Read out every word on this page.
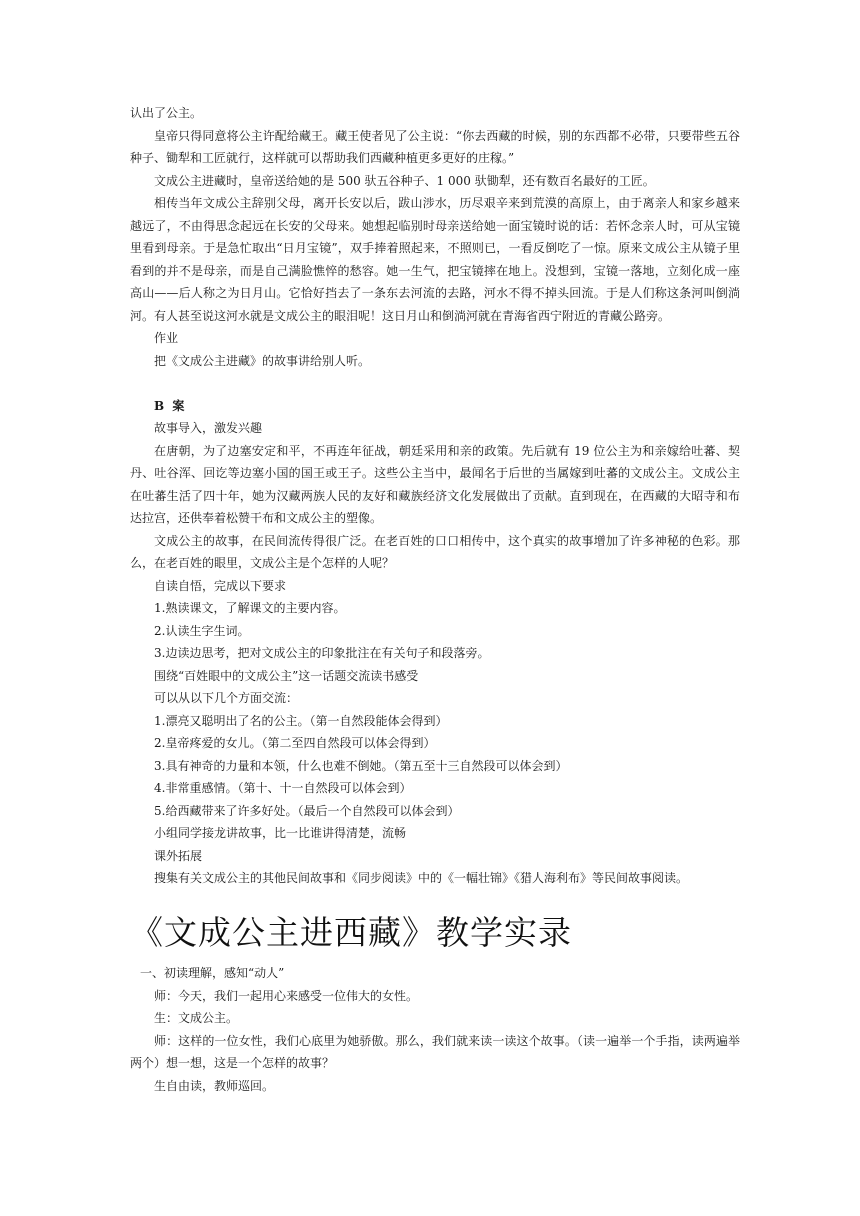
认出了公主。

皇帝只得同意将公主许配给藏王。藏王使者见了公主说：“你去西藏的时候，别的东西都不必带，只要带些五谷种子、锄犁和工匠就行，这样就可以帮助我们西藏种植更多更好的庄稼。”

文成公主进藏时，皇帝送给她的是 500 驮五谷种子、1 000 驮锄犁，还有数百名最好的工匠。

相传当年文成公主辞别父母，离开长安以后，跋山涉水，历尽艰辛来到荒漠的高原上，由于离亲人和家乡越来越远了，不由得思念起远在长安的父母来。她想起临别时母亲送给她一面宝镜时说的话：若怀念亲人时，可从宝镜里看到母亲。于是急忙取出“日月宝镜”，双手捧着照起来，不照则已，一看反倒吃了一惊。原来文成公主从镜子里看到的并不是母亲，而是自己满脸憔悴的愁容。她一生气，把宝镜摔在地上。没想到，宝镜一落地，立刻化成一座高山——后人称之为日月山。它恰好挡去了一条东去河流的去路，河水不得不掉头回流。于是人们称这条河叫倒淌河。有人甚至说这河水就是文成公主的眼泪呢！这日月山和倒淌河就在青海省西宁附近的青藏公路旁。

作业

把《文成公主进藏》的故事讲给别人听。

B 案

故事导入，激发兴趣

在唐朝，为了边塞安定和平，不再连年征战，朝廷采用和亲的政策。先后就有 19 位公主为和亲嫁给吐蕃、契丹、吐谷浑、回讫等边塞小国的国王或王子。这些公主当中，最闻名于后世的当属嫁到吐蕃的文成公主。文成公主在吐蕃生活了四十年，她为汉藏两族人民的友好和藏族经济文化发展做出了贡献。直到现在，在西藏的大昭寺和布达拉宫，还供奉着松赞干布和文成公主的塑像。

文成公主的故事，在民间流传得很广泛。在老百姓的口口相传中，这个真实的故事增加了许多神秘的色彩。那么，在老百姓的眼里，文成公主是个怎样的人呢？

自读自悟，完成以下要求

1.熟读课文，了解课文的主要内容。

2.认读生字生词。

3.边读边思考，把对文成公主的印象批注在有关句子和段落旁。

围绕“百姓眼中的文成公主”这一话题交流读书感受

可以从以下几个方面交流：

1.漂亮又聪明出了名的公主。（第一自然段能体会得到）

2.皇帝疼爱的女儿。（第二至四自然段可以体会得到）

3.具有神奇的力量和本领，什么也难不倒她。（第五至十三自然段可以体会到）

4.非常重感情。（第十、十一自然段可以体会到）

5.给西藏带来了许多好处。（最后一个自然段可以体会到）

小组同学接龙讲故事，比一比谁讲得清楚，流畅

课外拓展

搜集有关文成公主的其他民间故事和《同步阅读》中的《一幅壮锦》《猎人海利布》等民间故事阅读。

《文成公主进西藏》教学实录

一、初读理解，感知“动人”

师：今天，我们一起用心来感受一位伟大的女性。

生：文成公主。

师：这样的一位女性，我们心底里为她骄傲。那么，我们就来读一读这个故事。（读一遍举一个手指，读两遍举两个）想一想，这是一个怎样的故事？

生自由读，教师巡回。
